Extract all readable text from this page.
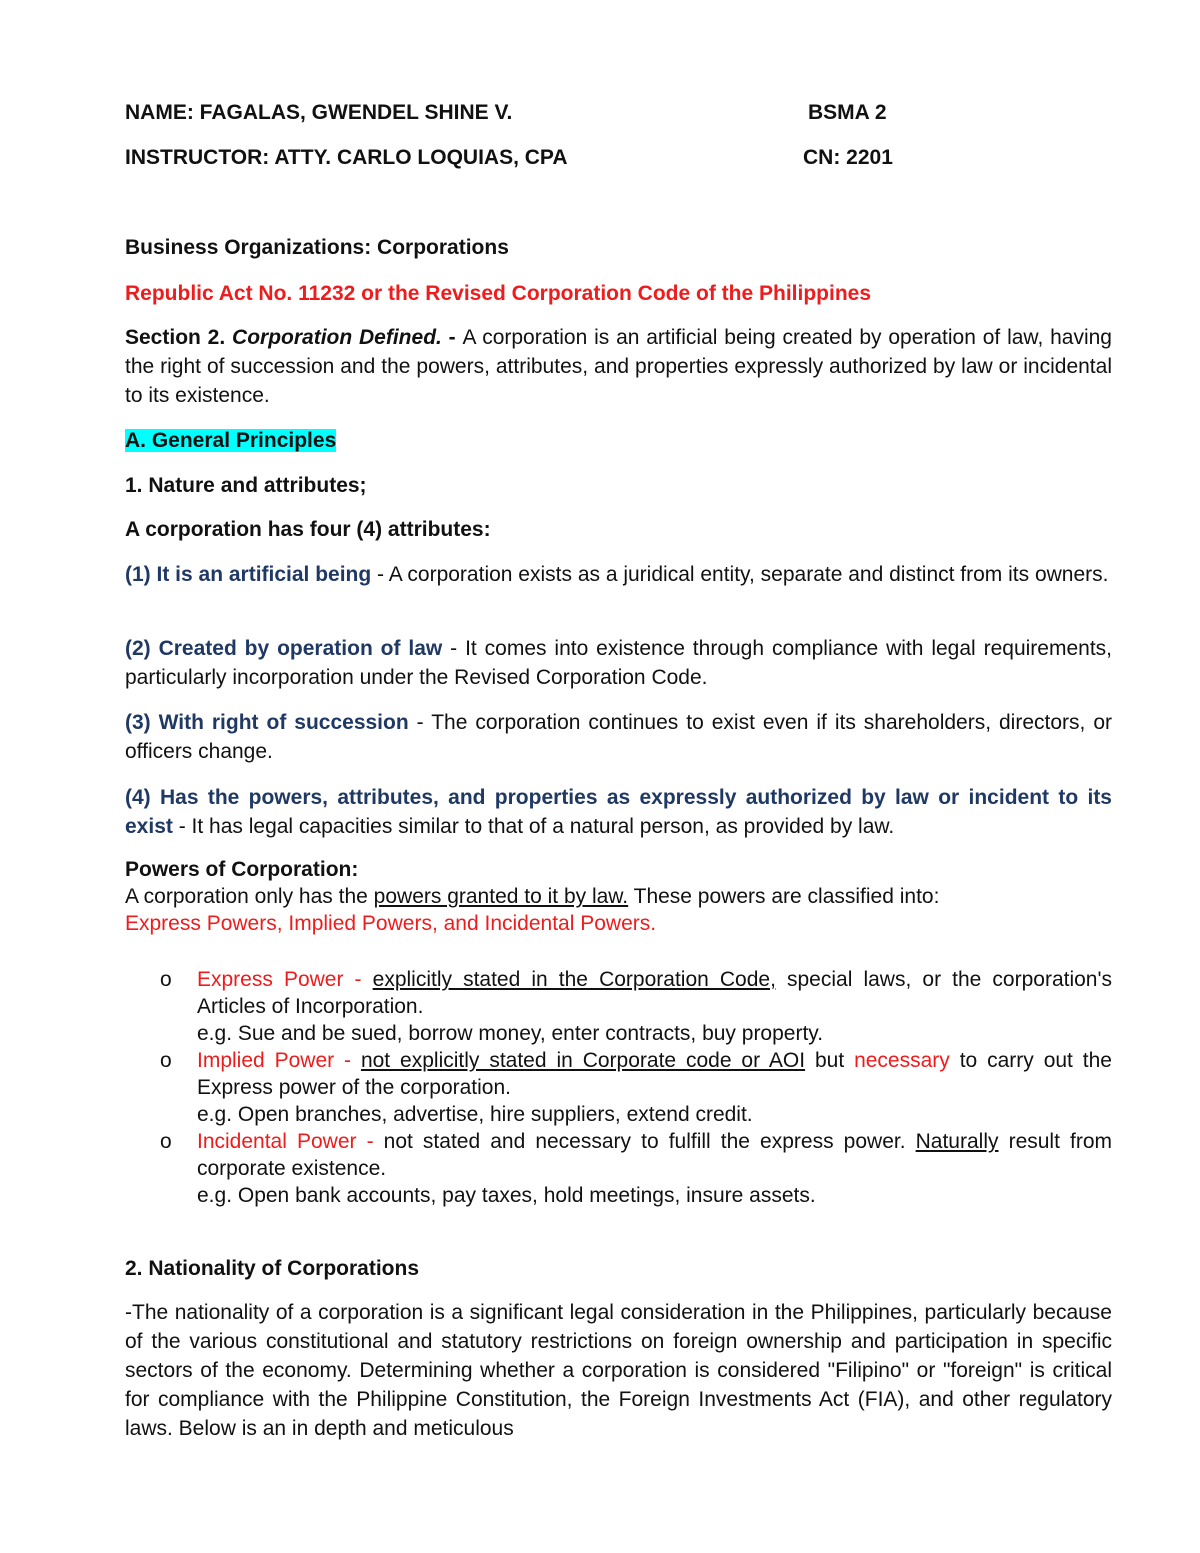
NAME: FAGALAS, GWENDEL SHINE V.	BSMA 2
INSTRUCTOR: ATTY. CARLO LOQUIAS, CPA	CN: 2201
Business Organizations: Corporations
Republic Act No. 11232 or the Revised Corporation Code of the Philippines
Section 2. Corporation Defined. - A corporation is an artificial being created by operation of law, having the right of succession and the powers, attributes, and properties expressly authorized by law or incidental to its existence.
A. General Principles
1. Nature and attributes;
A corporation has four (4) attributes:
(1) It is an artificial being - A corporation exists as a juridical entity, separate and distinct from its owners.
(2) Created by operation of law - It comes into existence through compliance with legal requirements, particularly incorporation under the Revised Corporation Code.
(3) With right of succession - The corporation continues to exist even if its shareholders, directors, or officers change.
(4) Has the powers, attributes, and properties as expressly authorized by law or incident to its exist - It has legal capacities similar to that of a natural person, as provided by law.
Powers of Corporation:
A corporation only has the powers granted to it by law. These powers are classified into:
Express Powers, Implied Powers, and Incidental Powers.
o Express Power - explicitly stated in the Corporation Code, special laws, or the corporation's Articles of Incorporation.
e.g. Sue and be sued, borrow money, enter contracts, buy property.
o Implied Power - not explicitly stated in Corporate code or AOI but necessary to carry out the Express power of the corporation.
e.g. Open branches, advertise, hire suppliers, extend credit.
o Incidental Power - not stated and necessary to fulfill the express power. Naturally result from corporate existence.
e.g. Open bank accounts, pay taxes, hold meetings, insure assets.
2. Nationality of Corporations
-The nationality of a corporation is a significant legal consideration in the Philippines, particularly because of the various constitutional and statutory restrictions on foreign ownership and participation in specific sectors of the economy. Determining whether a corporation is considered "Filipino" or "foreign" is critical for compliance with the Philippine Constitution, the Foreign Investments Act (FIA), and other regulatory laws. Below is an in depth and meticulous
